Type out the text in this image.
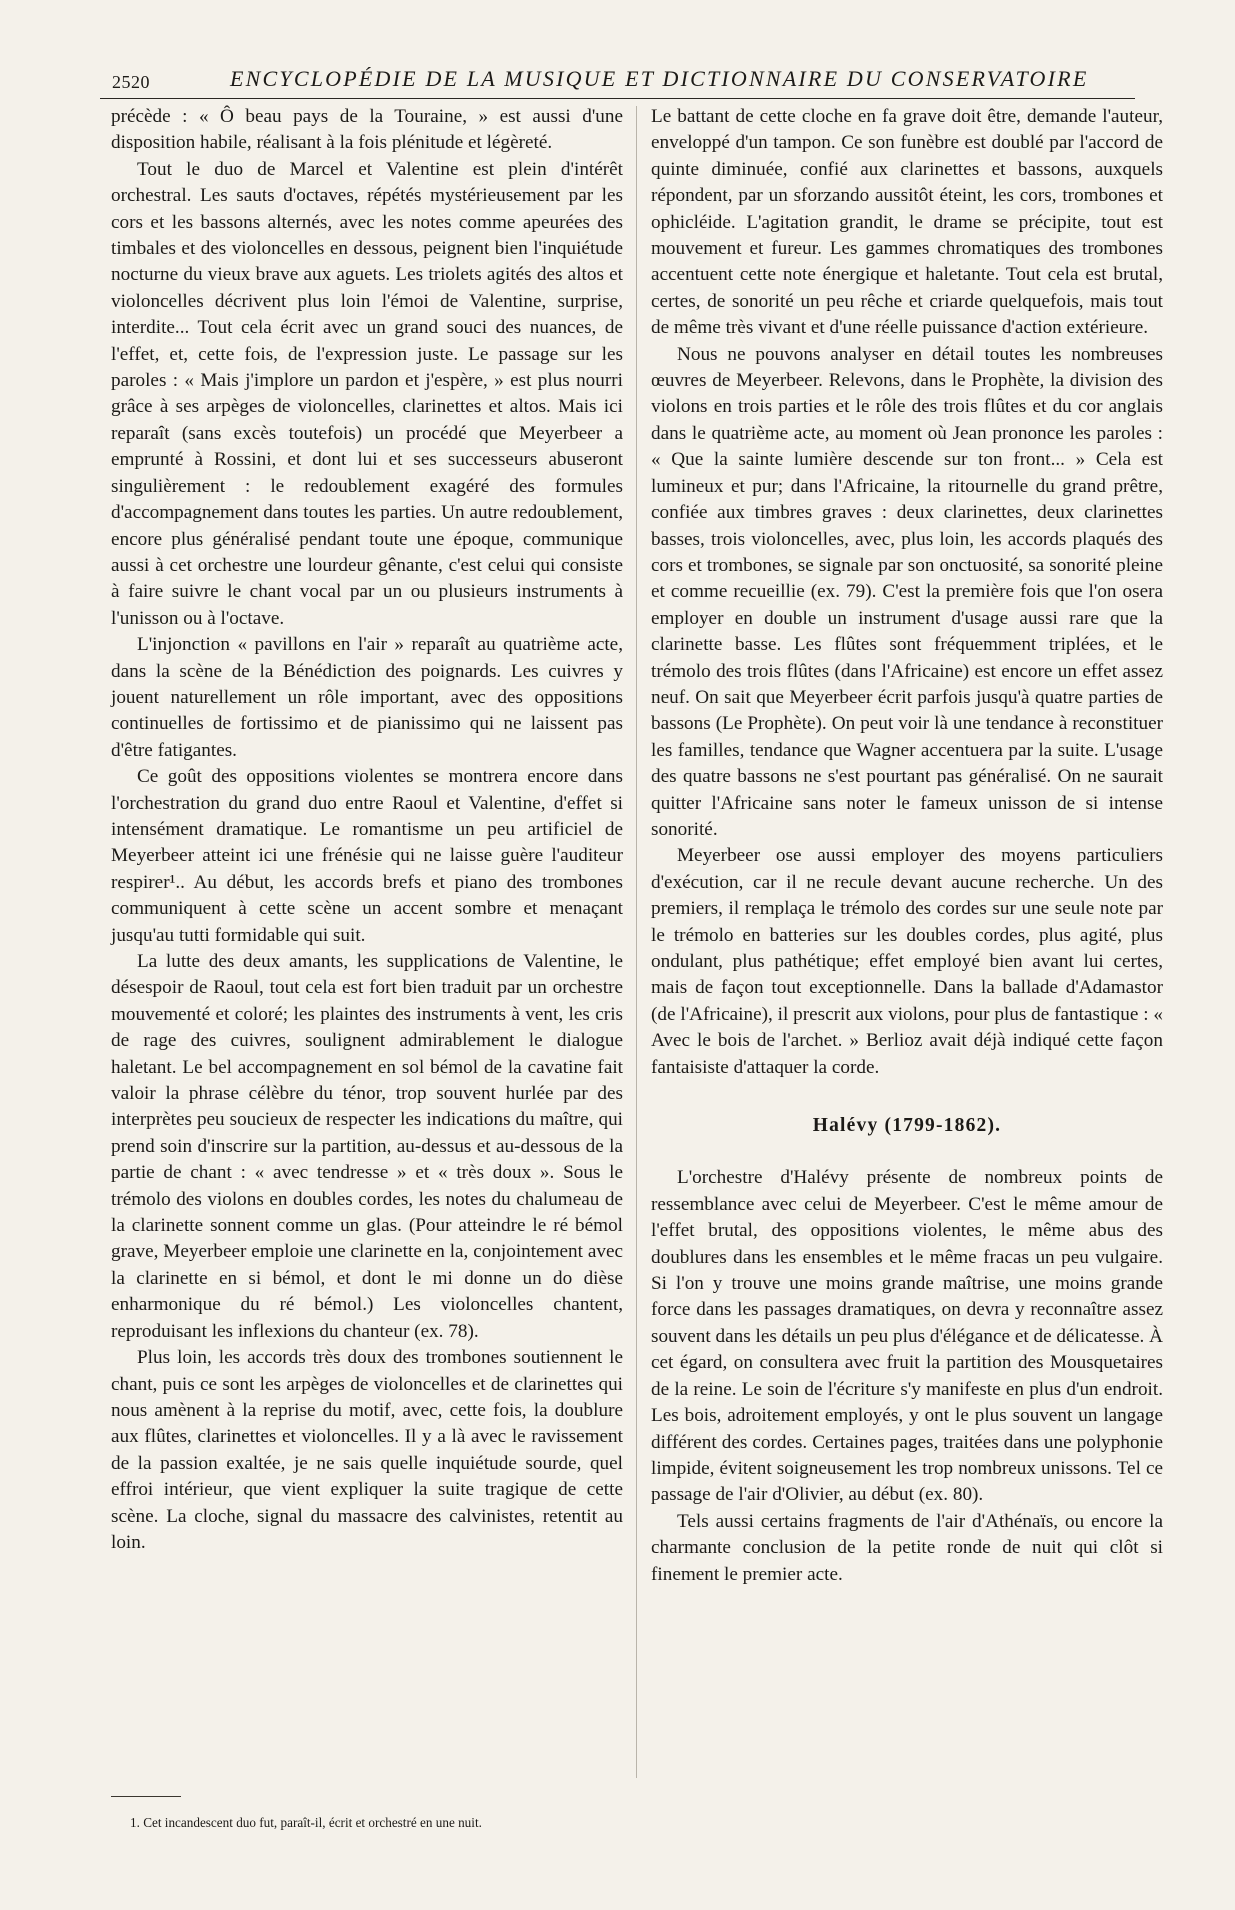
2520	ENCYCLOPÉDIE DE LA MUSIQUE ET DICTIONNAIRE DU CONSERVATOIRE

précède : « Ô beau pays de la Touraine, » est aussi d'une disposition habile, réalisant à la fois plénitude et légèreté.

Tout le duo de Marcel et Valentine est plein d'intérêt orchestral. Les sauts d'octaves, répétés mystérieusement par les cors et les bassons alternés, avec les notes comme apeurées des timbales et des violoncelles en dessous, peignent bien l'inquiétude nocturne du vieux brave aux aguets. Les triolets agités des altos et violoncelles décrivent plus loin l'émoi de Valentine, surprise, interdite... Tout cela écrit avec un grand souci des nuances, de l'effet, et, cette fois, de l'expression juste. Le passage sur les paroles : « Mais j'implore un pardon et j'espère, » est plus nourri grâce à ses arpèges de violoncelles, clarinettes et altos. Mais ici reparaît (sans excès toutefois) un procédé que Meyerbeer a emprunté à Rossini, et dont lui et ses successeurs abuseront singulièrement : le redoublement exagéré des formules d'accompagnement dans toutes les parties. Un autre redoublement, encore plus généralisé pendant toute une époque, communique aussi à cet orchestre une lourdeur gênante, c'est celui qui consiste à faire suivre le chant vocal par un ou plusieurs instruments à l'unisson ou à l'octave.

L'injonction « pavillons en l'air » reparaît au quatrième acte, dans la scène de la Bénédiction des poignards. Les cuivres y jouent naturellement un rôle important, avec des oppositions continuelles de fortissimo et de pianissimo qui ne laissent pas d'être fatigantes.

Ce goût des oppositions violentes se montrera encore dans l'orchestration du grand duo entre Raoul et Valentine, d'effet si intensément dramatique. Le romantisme un peu artificiel de Meyerbeer atteint ici une frénésie qui ne laisse guère l'auditeur respirer¹.. Au début, les accords brefs et piano des trombones communiquent à cette scène un accent sombre et menaçant jusqu'au tutti formidable qui suit.

La lutte des deux amants, les supplications de Valentine, le désespoir de Raoul, tout cela est fort bien traduit par un orchestre mouvementé et coloré; les plaintes des instruments à vent, les cris de rage des cuivres, soulignent admirablement le dialogue haletant. Le bel accompagnement en sol bémol de la cavatine fait valoir la phrase célèbre du ténor, trop souvent hurlée par des interprètes peu soucieux de respecter les indications du maître, qui prend soin d'inscrire sur la partition, au-dessus et au-dessous de la partie de chant : « avec tendresse » et « très doux ». Sous le trémolo des violons en doubles cordes, les notes du chalumeau de la clarinette sonnent comme un glas. (Pour atteindre le ré bémol grave, Meyerbeer emploie une clarinette en la, conjointement avec la clarinette en si bémol, et dont le mi donne un do dièse enharmonique du ré bémol.) Les violoncelles chantent, reproduisant les inflexions du chanteur (ex. 78).

Plus loin, les accords très doux des trombones soutiennent le chant, puis ce sont les arpèges de violoncelles et de clarinettes qui nous amènent à la reprise du motif, avec, cette fois, la doublure aux flûtes, clarinettes et violoncelles. Il y a là avec le ravissement de la passion exaltée, je ne sais quelle inquiétude sourde, quel effroi intérieur, que vient expliquer la suite tragique de cette scène. La cloche, signal du massacre des calvinistes, retentit au loin.

Le battant de cette cloche en fa grave doit être, demande l'auteur, enveloppé d'un tampon. Ce son funèbre est doublé par l'accord de quinte diminuée, confié aux clarinettes et bassons, auxquels répondent, par un sforzando aussitôt éteint, les cors, trombones et ophicléide. L'agitation grandit, le drame se précipite, tout est mouvement et fureur. Les gammes chromatiques des trombones accentuent cette note énergique et haletante. Tout cela est brutal, certes, de sonorité un peu rêche et criarde quelquefois, mais tout de même très vivant et d'une réelle puissance d'action extérieure.

Nous ne pouvons analyser en détail toutes les nombreuses œuvres de Meyerbeer. Relevons, dans le Prophète, la division des violons en trois parties et le rôle des trois flûtes et du cor anglais dans le quatrième acte, au moment où Jean prononce les paroles : « Que la sainte lumière descende sur ton front... » Cela est lumineux et pur; dans l'Africaine, la ritournelle du grand prêtre, confiée aux timbres graves : deux clarinettes, deux clarinettes basses, trois violoncelles, avec, plus loin, les accords plaqués des cors et trombones, se signale par son onctuosité, sa sonorité pleine et comme recueillie (ex. 79). C'est la première fois que l'on osera employer en double un instrument d'usage aussi rare que la clarinette basse. Les flûtes sont fréquemment triplées, et le trémolo des trois flûtes (dans l'Africaine) est encore un effet assez neuf. On sait que Meyerbeer écrit parfois jusqu'à quatre parties de bassons (Le Prophète). On peut voir là une tendance à reconstituer les familles, tendance que Wagner accentuera par la suite. L'usage des quatre bassons ne s'est pourtant pas généralisé. On ne saurait quitter l'Africaine sans noter le fameux unisson de si intense sonorité.

Meyerbeer ose aussi employer des moyens particuliers d'exécution, car il ne recule devant aucune recherche. Un des premiers, il remplaça le trémolo des cordes sur une seule note par le trémolo en batteries sur les doubles cordes, plus agité, plus ondulant, plus pathétique; effet employé bien avant lui certes, mais de façon tout exceptionnelle. Dans la ballade d'Adamastor (de l'Africaine), il prescrit aux violons, pour plus de fantastique : « Avec le bois de l'archet. » Berlioz avait déjà indiqué cette façon fantaisiste d'attaquer la corde.

Halévy (1799-1862).

L'orchestre d'Halévy présente de nombreux points de ressemblance avec celui de Meyerbeer. C'est le même amour de l'effet brutal, des oppositions violentes, le même abus des doublures dans les ensembles et le même fracas un peu vulgaire. Si l'on y trouve une moins grande maîtrise, une moins grande force dans les passages dramatiques, on devra y reconnaître assez souvent dans les détails un peu plus d'élégance et de délicatesse. À cet égard, on consultera avec fruit la partition des Mousquetaires de la reine. Le soin de l'écriture s'y manifeste en plus d'un endroit. Les bois, adroitement employés, y ont le plus souvent un langage différent des cordes. Certaines pages, traitées dans une polyphonie limpide, évitent soigneusement les trop nombreux unissons. Tel ce passage de l'air d'Olivier, au début (ex. 80).

Tels aussi certains fragments de l'air d'Athénaïs, ou encore la charmante conclusion de la petite ronde de nuit qui clôt si finement le premier acte.

1. Cet incandescent duo fut, paraît-il, écrit et orchestré en une nuit.
